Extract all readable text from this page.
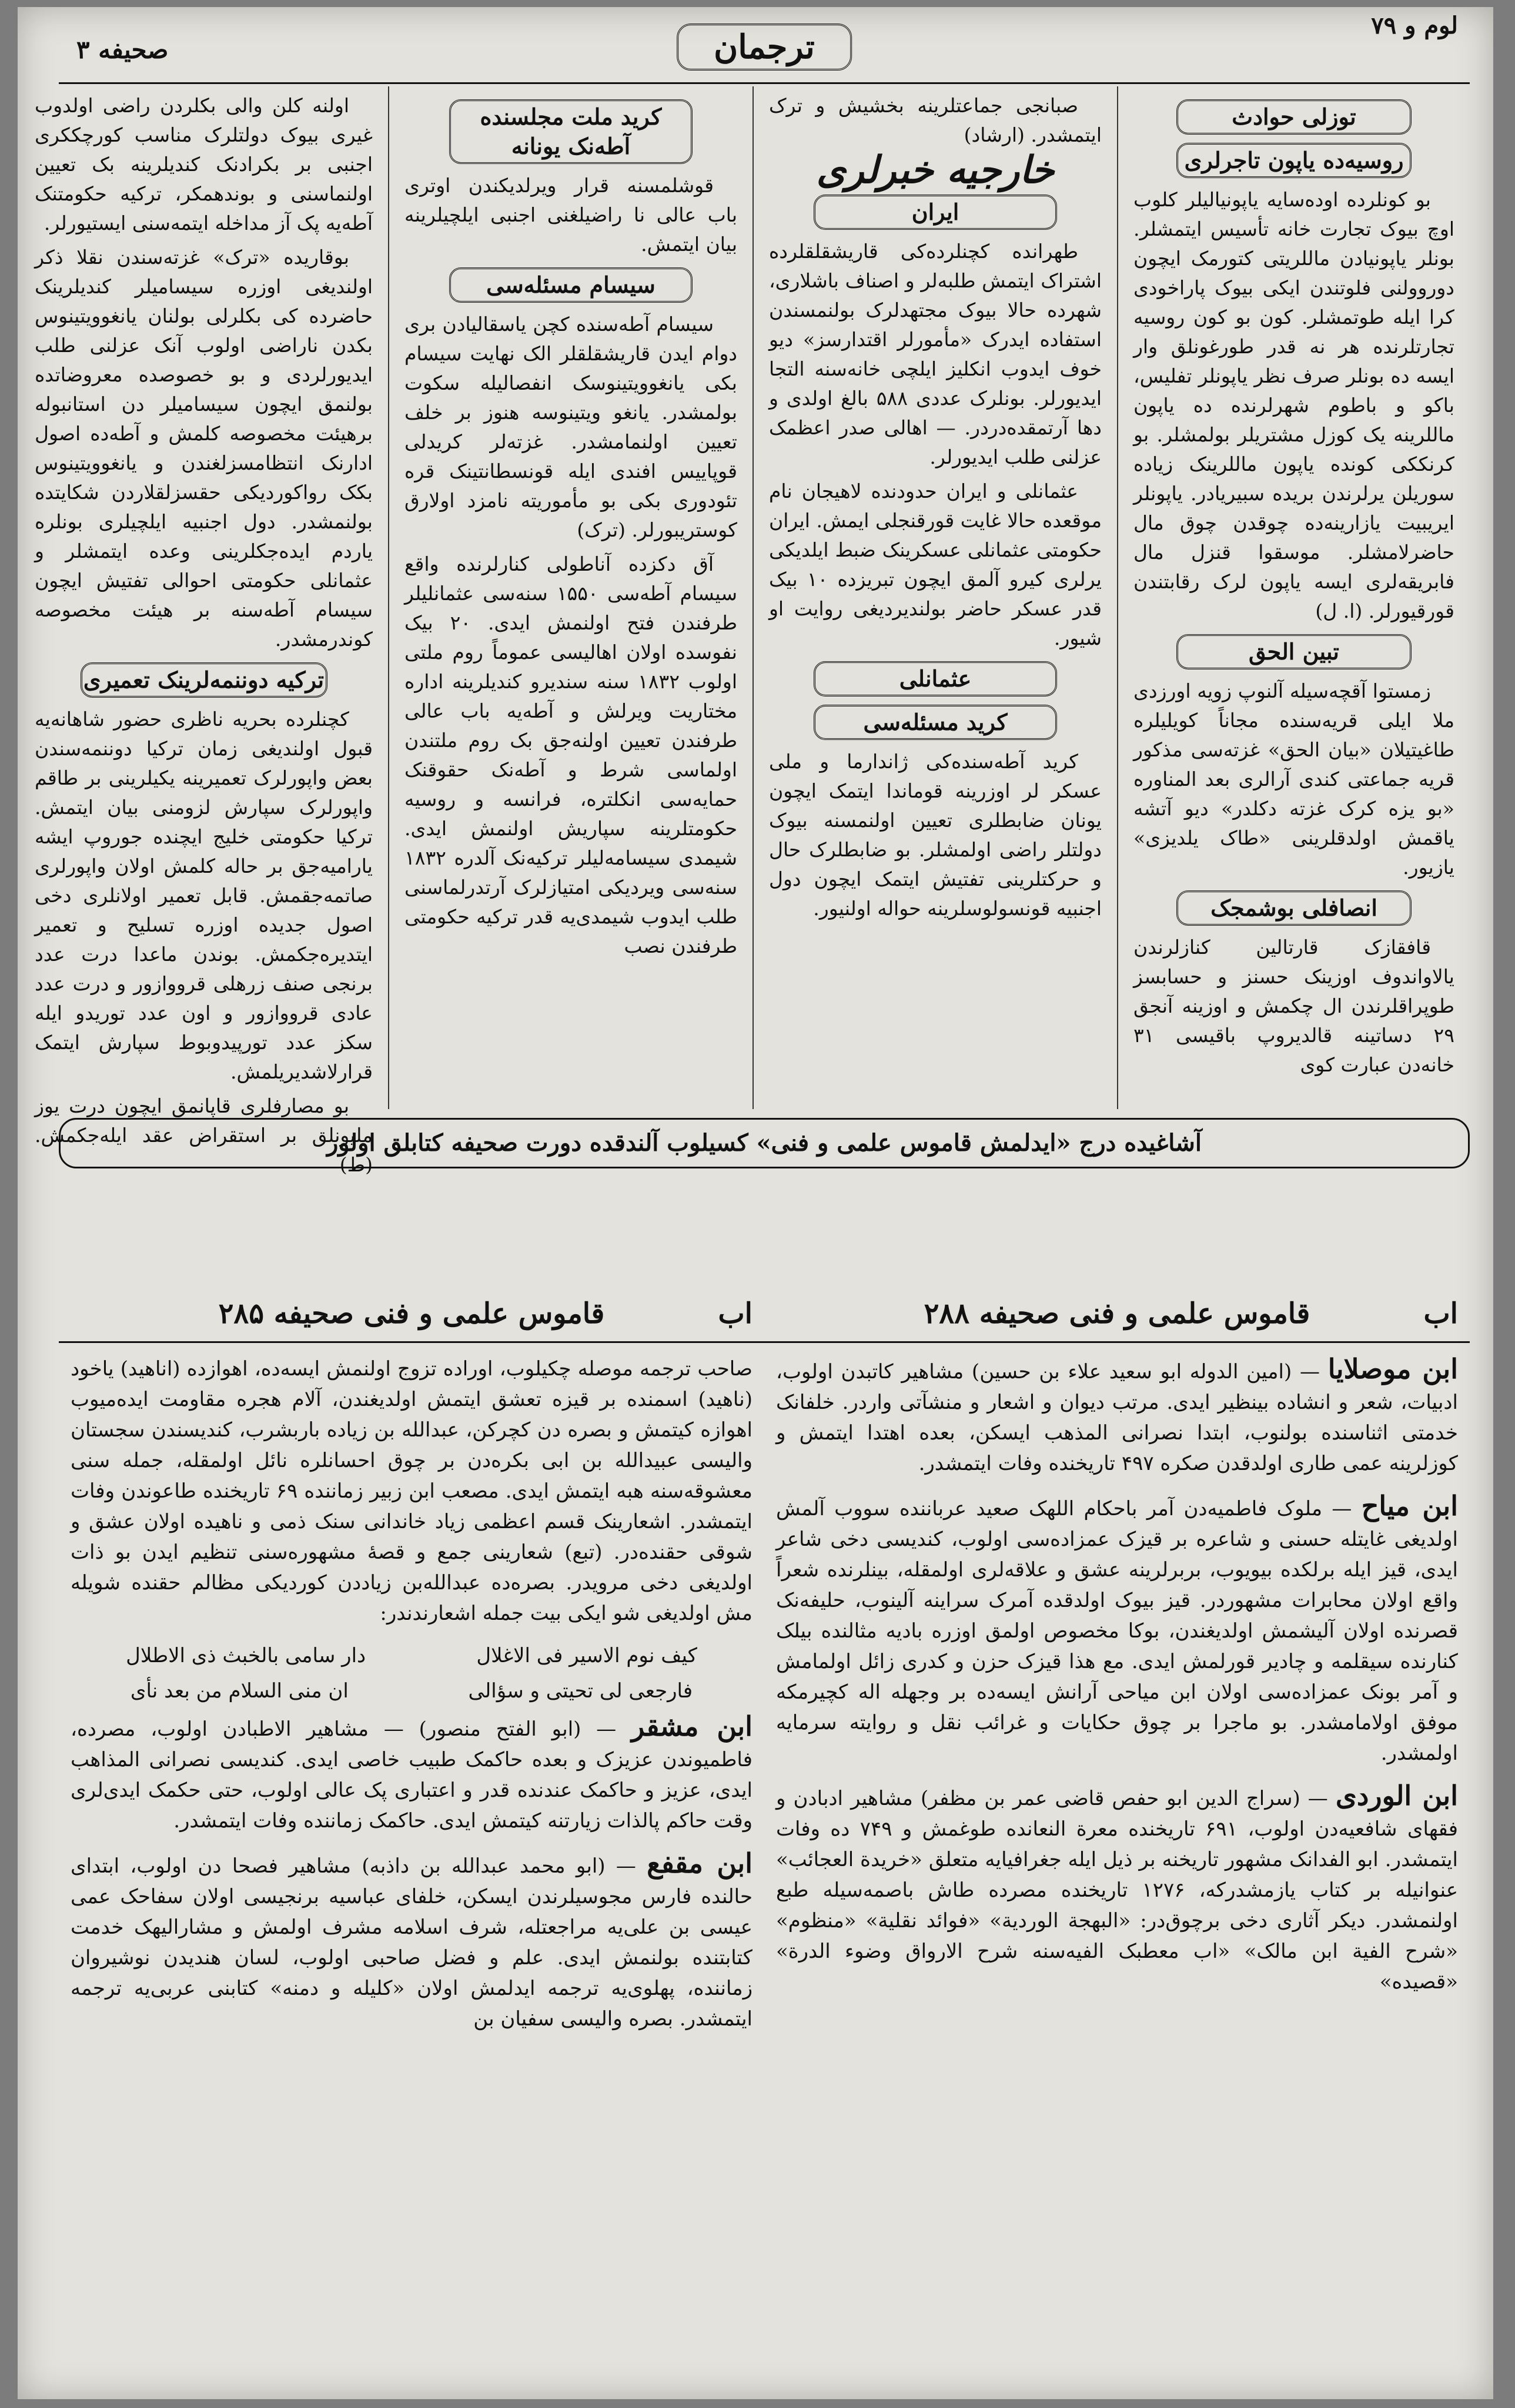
صحیفه ۳	ترجمان
لوم و ۷۹
توزلی حوادث
روسیه‌ده یاپون تاجرلری

بو کونلرده اوده‌سایه یاپونیالیلر کلوب اوچ بیوک تجارت خانه تأسیس ایتمشلر. بونلر یاپونیادن ماللریتی کتورمک ایچون دوروولنی فلوتندن ایکی بیوک پاراخودی کرا ایله طوتمشلر. کون بو کون روسیه تجارتلرنده هر نه قدر طورغونلق وار ایسه ده بونلر صرف نظر یاپونلر تفلیس، باکو و باطوم شهرلرنده ده یاپون ماللرینه یک کوزل مشتریلر بولمشلر. بو کرنککی کونده یاپون ماللرینک زیاده سوریلن یرلرندن بریده سبیریادر. یاپونلر ایریبیت یازارینه‌ده چوقدن چوق مال حاضرلامشلر. موسقوا قنزل مال فابریقه‌لری ایسه یاپون لرک رقابتندن قورقیورلر. (ا. ل)

تبین الحق

زمستوا آقچه‌سیله آلنوپ زویه اورزدی ملا ایلی قریه‌سنده مجاناً کویلیلره طاغیتیلان «بیان الحق» غزته‌سی مذکور قریه جماعتی کندی آرالری بعد المناوره «بو یزه کرک غزته دکلدر» دیو آتشه یاقمش اولدقلرینی «طاک یلدیزی» یازیور.

انصافلی بوشمجک

قافقازک قارتالین کنازلرندن یالاواندوف اوزینک حسنز و حسابسز طوپراقلرندن ال چکمش و اوزینه آنجق ۲۹ دساتینه قالدیروپ باقیسی ۳۱ خانه‌دن عبارت کوی

صبانجی جماعتلرینه بخشیش و ترک ایتمشدر. (ارشاد)

خارجیه خبرلری
ایران

طهرانده کچنلرده‌کی قاریشقلقلرده اشتراک ایتمش طلبه‌لر و اصناف باشلاری، شهرده حالا بیوک مجتهدلرک بولنمسندن استفاده ایدرک «مأمورلر اقتدارسز» دیو خوف ایدوب انکلیز ایلچی خانه‌سنه التجا ایدیورلر. بونلرک عددی ۵۸۸ بالغ اولدی و دها آرتمقده‌دردر. — اهالی صدر اعظمک عزلنی طلب ایدیورلر.

عثمانلی و ایران حدودنده لاهیجان نام موقعده حالا غایت قورقنجلی ایمش. ایران حکومتی عثمانلی عسکرینک ضبط ایلدیکی یرلری کیرو آلمق ایچون تبریزده ۱۰ بیک قدر عسکر حاضر بولندیردیغی روایت او شیور.

عثمانلی
کرید مسئله‌سی

کرید آطه‌سنده‌کی ژاندارما و ملی عسکر لر اوزرینه قوماندا ایتمک ایچون یونان ضابطلری تعیین اولنمسنه بیوک دولتلر راضی اولمشلر. بو ضابطلرک حال و حرکتلرینی تفتیش ایتمک ایچون دول اجنبیه قونسولوسلرینه حواله اولنیور.

کرید ملت مجلسنده آطه‌نک یونانه

قوشلمسنه قرار ویرلدیکندن اوتری باب عالی نا راضیلغنی اجنبی ایلچیلرینه بیان ایتمش.

سیسام مسئله‌سی

سیسام آطه‌سنده کچن یاسقالیادن بری دوام ایدن قاریشقلقلر الک نهایت سیسام بکی یانغوویتینوسک انفصالیله سکوت بولمشدر. یانغو ویتینوسه هنوز بر خلف تعیین اولنمامشدر. غزته‌لر کریدلی قوپاییس افندی ایله قونسطانتینک قره تئودوری بکی بو مأموریته نامزد اولارق کوستریبورلر. (ترک)

آق دکزده آناطولی کنارلرنده واقع سیسام آطه‌سی ۱۵۵۰ سنه‌سی عثمانلیلر طرفندن فتح اولنمش ایدی. ۲۰ بیک نفوسده اولان اهالیسی عموماً روم ملتی اولوب ۱۸۳۲ سنه سندیرو کندیلرینه اداره مختاریت ویرلش و آطه‌یه باب عالی طرفندن تعیین اولنه‌جق بک روم ملتندن اولماسی شرط و آطه‌نک حقوقنک حمایه‌سی انکلتره، فرانسه و روسیه حکومتلرینه سپاریش اولنمش ایدی. شیمدی سیسامه‌لیلر ترکیه‌نک آلدره ۱۸۳۲ سنه‌سی ویردیکی امتیازلرک آرتدرلماسنی طلب ایدوب شیمدی‌یه قدر ترکیه حکومتی طرفندن نصب

اولنه کلن والی بکلردن راضی اولدوب غیری بیوک دولتلرک مناسب کورچککری اجنبی بر بکرادنک کندیلرینه بک تعیین اولنماسنی و بوندهمکر، ترکیه حکومتنک آطه‌یه پک آز مداخله ایتمه‌سنی ایستیورلر.

بوقاریده «ترک» غزته‌سندن نقلا ذکر اولندیغی اوزره سیسامیلر کندیلرینک حاضرده کی بکلرلی بولنان یانغوویتینوس بکدن ناراضی اولوب آنک عزلنی طلب ایدیورلردی و بو خصوصده معروضاتده بولنمق ایچون سیسامیلر دن استانبوله برهیئت مخصوصه کلمش و آطه‌ده اصول ادارنک انتظامسزلغندن و یانغوویتینوس بکک رواکوردیکی حقسزلقلاردن شکایتده بولنمشدر. دول اجنبیه ایلچیلری بونلره یاردم ایده‌جکلرینی وعده ایتمشلر و عثمانلی حکومتی احوالی تفتیش ایچون سیسام آطه‌سنه بر هیئت مخصوصه کوندرمشدر.

ترکیه دوننمه‌لرینک تعمیری

کچنلرده بحریه ناظری حضور شاهانه‌یه قبول اولندیغی زمان ترکیا دوننمه‌سندن بعض واپورلرک تعمیرینه یکیلرینی بر طاقم واپورلرک سپارش لزومنی بیان ایتمش. ترکیا حکومتی خلیج ایچنده جوروپ ایشه یارامیه‌جق بر حاله کلمش اولان واپورلری صاتمه‌جقمش. قابل تعمیر اولانلری دخی اصول جدیده اوزره تسلیح و تعمیر ایتدیره‌جکمش. بوندن ماعدا درت عدد برنجی صنف زرهلی قرووازور و درت عدد عادی قرووازور و اون عدد توریدو ایله سکز عدد تورپیدوبوط سپارش ایتمک قرارلاشدیریلمش.

بو مصارفلری قاپانمق ایچون درت یوز ملیونلق بر استقراض عقد ایله‌جکمش. (ط)

آشاغیده درج «ایدلمش قاموس علمی و فنی» کسیلوب آلندقده دورت صحیفه کتابلق اولور
اب
قاموس علمی و فنی صحیفه ۲۸۸

ابن موصلایا — (امین الدوله ابو سعید علاء بن حسین) مشاهیر کاتبدن اولوب، ادبیات، شعر و انشاده بینظیر ایدی. مرتب دیوان و اشعار و منشآتی واردر. خلفانک خدمتی اثناسنده بولنوب، ابتدا نصرانی المذهب ایسکن، بعده اهتدا ایتمش و کوزلرینه عمی طاری اولدقدن صکره ۴۹۷ تاریخنده وفات ایتمشدر.

ابن میاح — ملوک فاطمیه‌دن آمر باحکام اللهک صعید عرباننده سووب آلمش اولدیغی غایتله حسنی و شاعره بر قیزک عمزاده‌سی اولوب، کندیسی دخی شاعر ایدی، قیز ایله برلکده بیویوب، بربرلرینه عشق و علاقه‌لری اولمقله، بینلرنده شعراً واقع اولان محابرات مشهوردر. قیز بیوک اولدقده آمرک سراینه آلینوب، حلیفه‌نک قصرنده اولان آلیشمش اولدیغندن، بوکا مخصوص اولمق اوزره بادیه مثالنده بیلک کنارنده سیقلمه و چادیر قورلمش ایدی. مع هذا قیزک حزن و کدری زائل اولمامش و آمر بونک عمزاده‌سی اولان ابن میاحی آرانش ایسه‌ده بر وجهله اله کچیرمکه موفق اولامامشدر. بو ماجرا بر چوق حکایات و غرائب نقل و روایته سرمایه اولمشدر.

ابن الوردی — (سراج الدین ابو حفص قاضی عمر بن مظفر) مشاهیر ادبادن و فقهای شافعیه‌دن اولوب، ۶۹۱ تاریخنده معرة النعانده طوغمش و ۷۴۹ ده وفات ایتمشدر. ابو الفدانک مشهور تاریخنه بر ذیل ایله جغرافیایه متعلق «خریدة العجائب» عنوانیله بر کتاب یازمشدرکه، ۱۲۷۶ تاریخنده مصرده طاش باصمه‌سیله طبع اولنمشدر. دیکر آثاری دخی برچوق‌در: «البهجة الوردیة» «فوائد نقلیة» «منظوم» «شرح الفیة ابن مالک» «اب معطبک الفیه‌سنه شرح الارواق وضوء الدرة» «قصیده»

اب
قاموس علمی و فنی صحیفه ۲۸۵

صاحب ترجمه موصله چکیلوب، اوراده تزوج اولنمش ایسه‌ده، اهوازده (اناهید) یاخود (ناهید) اسمنده بر قیزه تعشق ایتمش اولدیغندن، آلام هجره مقاومت ایده‌میوب اهوازه کیتمش و بصره دن کچرکن، عبدالله بن زیاده باربشرب، کندیسندن سجستان والیسی عبیدالله بن ابی بکره‌دن بر چوق احسانلره نائل اولمقله، جمله سنی معشوقه‌سنه هبه ایتمش ایدی. مصعب ابن زبیر زماننده ۶۹ تاریخنده طاعوندن وفات ایتمشدر. اشعارینک قسم اعظمی زیاد خاندانی سنک ذمی و ناهیده اولان عشق و شوقی حقنده‌در. (تبع) شعارینی جمع و قصهٔ مشهوره‌سنی تنظیم ایدن بو ذات اولدیغی دخی مرویدر. بصره‌ده عبدالله‌بن زیاددن کوردیکی مظالم حقنده شویله مش اولدیغی شو ایکی بیت جمله اشعارندندر:

کیف نوم الاسیر فی الاغلال
دار سامی بالخبث ذی الاطلال
فارجعی لی تحیتی و سؤالی
ان منی السلام من بعد نأی

ابن مشقر — (ابو الفتح منصور) — مشاهیر الاطبادن اولوب، مصرده، فاطمیوندن عزیزک و بعده حاکمک طبیب خاصی ایدی. کندیسی نصرانی المذاهب ایدی، عزیز و حاکمک عندنده قدر و اعتباری پک عالی اولوب، حتی حکمک ایدی‌لری وقت حاکم پالذات زیارتنه کیتمش ایدی. حاکمک زماننده وفات ایتمشدر.

ابن مقفع — (ابو محمد عبدالله بن داذبه) مشاهیر فصحا دن اولوب، ابتدای حالنده فارس مجوسیلرندن ایسکن، خلفای عباسیه برنجیسی اولان سفاحک عمی عیسی بن علی‌یه مراجعتله، شرف اسلامه مشرف اولمش و مشارالیهک خدمت کتابتنده بولنمش ایدی. علم و فضل صاحبی اولوب، لسان هندیدن نوشیروان زماننده، پهلوی‌یه ترجمه ایدلمش اولان «کلیله و دمنه» کتابنی عربی‌یه ترجمه ایتمشدر. بصره والیسی سفیان بن
